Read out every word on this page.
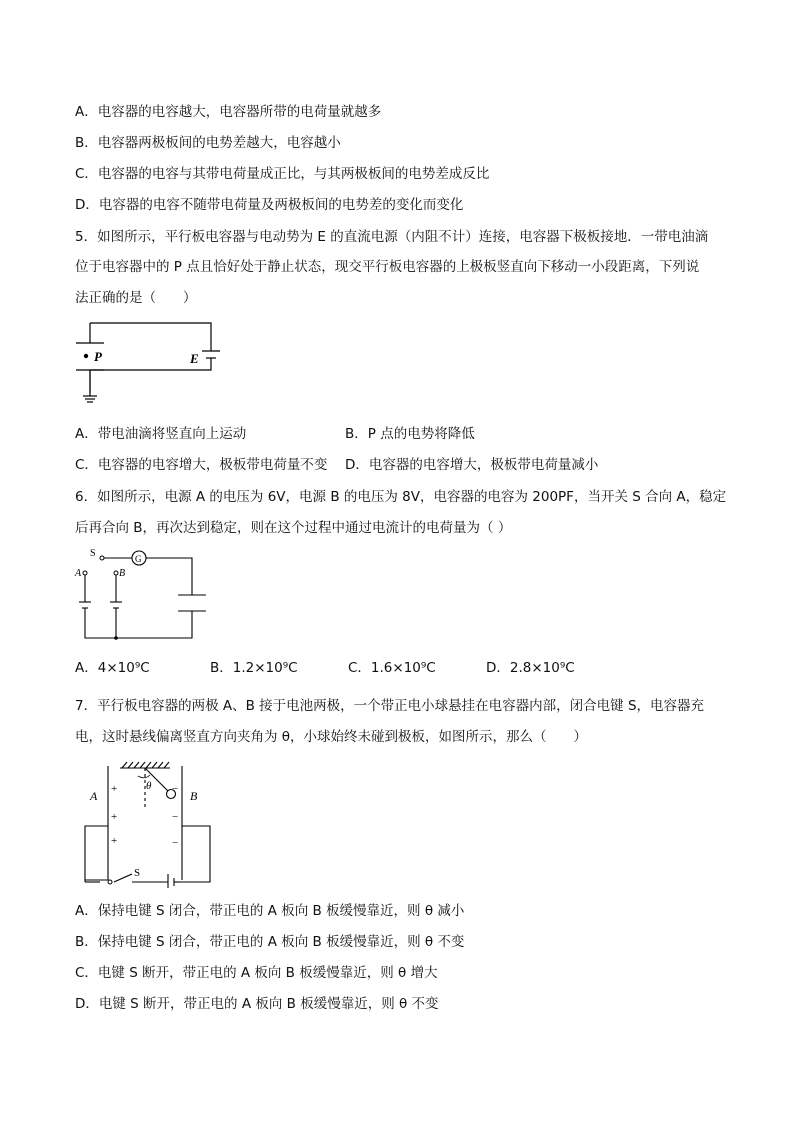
A．电容器的电容越大，电容器所带的电荷量就越多
B．电容器两极板间的电势差越大，电容越小
C．电容器的电容与其带电荷量成正比，与其两极板间的电势差成反比
D．电容器的电容不随带电荷量及两极板间的电势差的变化而变化
5．如图所示，平行板电容器与电动势为 E 的直流电源（内阻不计）连接，电容器下极板接地．一带电油滴
位于电容器中的 P 点且恰好处于静止状态，现交平行板电容器的上极板竖直向下移动一小段距离，下列说
法正确的是（　　）
P	E
A．带电油滴将竖直向上运动	B．P 点的电势将降低
C．电容器的电容增大，极板带电荷量不变 D．电容器的电容增大，极板带电荷量减小
6．如图所示，电源 A 的电压为 6V，电源 B 的电压为 8V，电容器的电容为 200PF，当开关 S 合向 A，稳定
后再合向 B，再次达到稳定，则在这个过程中通过电流计的电荷量为（ ）
S	G
A	B
A．4×10⁹C	B．1.2×10⁹C	C．1.6×10⁹C	D．2.8×10⁹C
7．平行板电容器的两极 A、B 接于电池两极，一个带正电小球悬挂在电容器内部，闭合电键 S，电容器充
电，这时悬线偏离竖直方向夹角为 θ，小球始终未碰到极板，如图所示，那么（　　）
A	B
θ
S
+
+
+
−
−
−
A．保持电键 S 闭合，带正电的 A 板向 B 板缓慢靠近，则 θ 减小
B．保持电键 S 闭合，带正电的 A 板向 B 板缓慢靠近，则 θ 不变
C．电键 S 断开，带正电的 A 板向 B 板缓慢靠近，则 θ 增大
D．电键 S 断开，带正电的 A 板向 B 板缓慢靠近，则 θ 不变
